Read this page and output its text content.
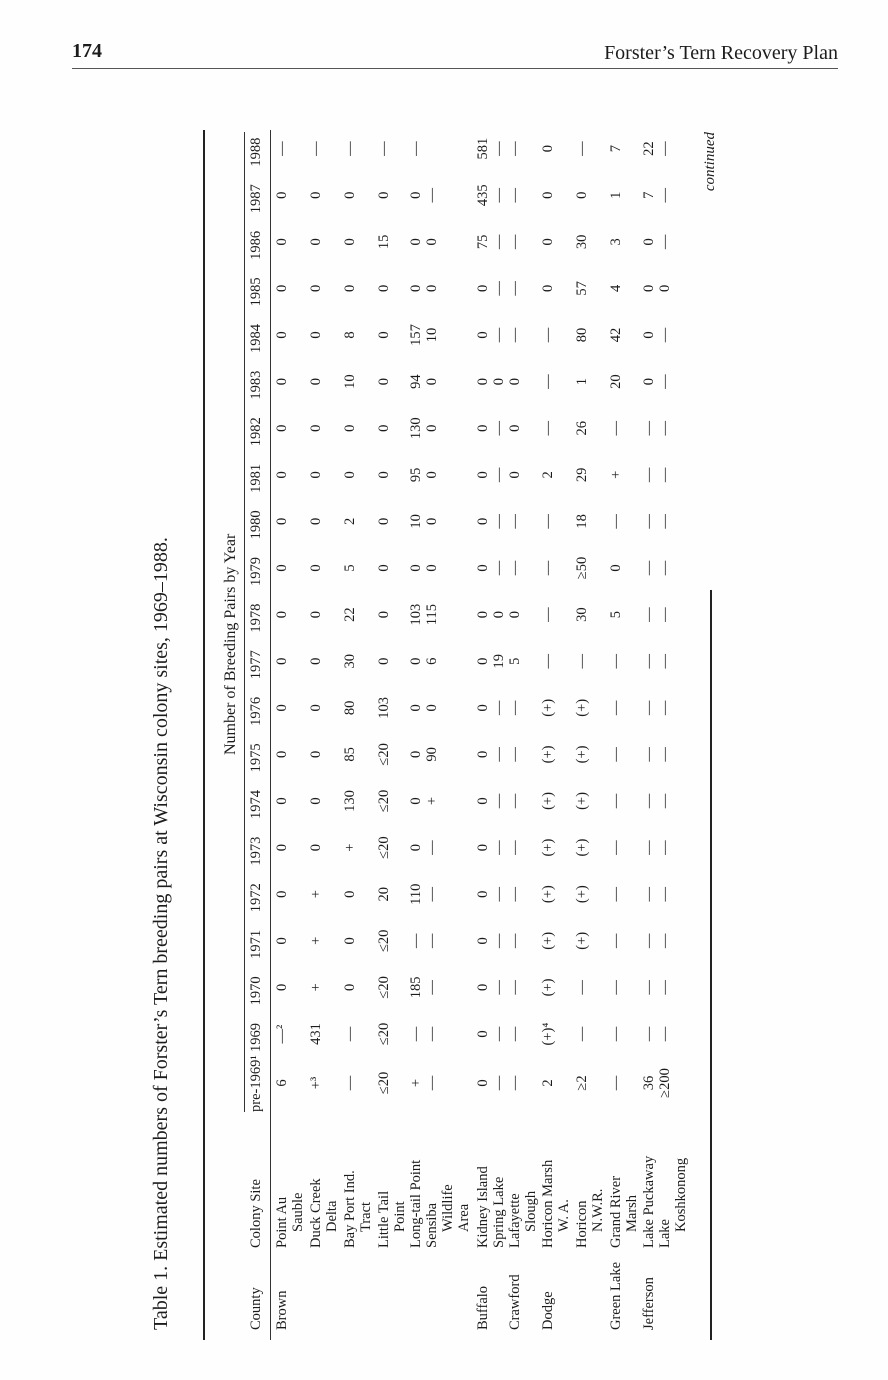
174	Forster’s Tern Recovery Plan
Table 1. Estimated numbers of Forster’s Tern breeding pairs at Wisconsin colony sites, 1969–1988.	Number of Breeding Pairs by Year
County
Colony Site
pre-1969¹
1969
1970
1971
1972
1973
1974
1975
1976
1977
1978
1979
1980
1981
1982
1983
1984
1985
1986
1987
1988
Brown
Point Au Sauble
6
—²
0
0
0
0
0
0
0
0
0
0
0
0
0
0
0
0
0
0
—
Duck Creek Delta
+³
431
+
+
+
0
0
0
0
0
0
0
0
0
0
0
0
0
0
0
—
Bay Port Ind. Tract
—
—
0
0
0
+
130
85
80
30
22
5
2
0
0
10
8
0
0
0
—
Little Tail Point
≤20
≤20
≤20
≤20
20
≤20
≤20
≤20
103
0
0
0
0
0
0
0
0
0
15
0
—
Long-tail Point
+
—
185
—
110
0
0
0
0
0
103
0
10
95
130
94
157
0
0
0
—
Sensiba Wildlife Area
—
—
—
—
—
—
+
90
0
6
115
0
0
0
0
0
10
0
0
—
Buffalo
Kidney Island
0
0
0
0
0
0
0
0
0
0
0
0
0
0
0
0
0
0
75
435
581
Spring Lake
—
—
—
—
—
—
—
—
—
19
0
—
—
—
—
0
—
—
—
—
—
Crawford
Lafayette Slough
—
—
—
—
—
—
—
—
—
5
0
—
—
0
0
0
—
—
—
—
—
Dodge
Horicon Marsh W. A.
2
(+)⁴
(+)
(+)
(+)
(+)
(+)
(+)
(+)
—
—
—
—
2
—
—
—
0
0
0
0
Horicon N.W.R.
≥2
—
—
(+)
(+)
(+)
(+)
(+)
(+)
—
30
≥50
18
29
26
1
80
57
30
0
—
Green Lake
Grand River Marsh
—
—
—
—
—
—
—
—
—
—
5
0
—
+
—
20
42
4
3
1
7
Jefferson
Lake Puckaway
36
—
—
—
—
—
—
—
—
—
—
—
—
—
—
0
0
0
0
7
22
Lake
Koshkonong
≥200
—
—
—
—
—
—
—
—
—
—
—
—
—
—
—
—
0
—
—
— continued
